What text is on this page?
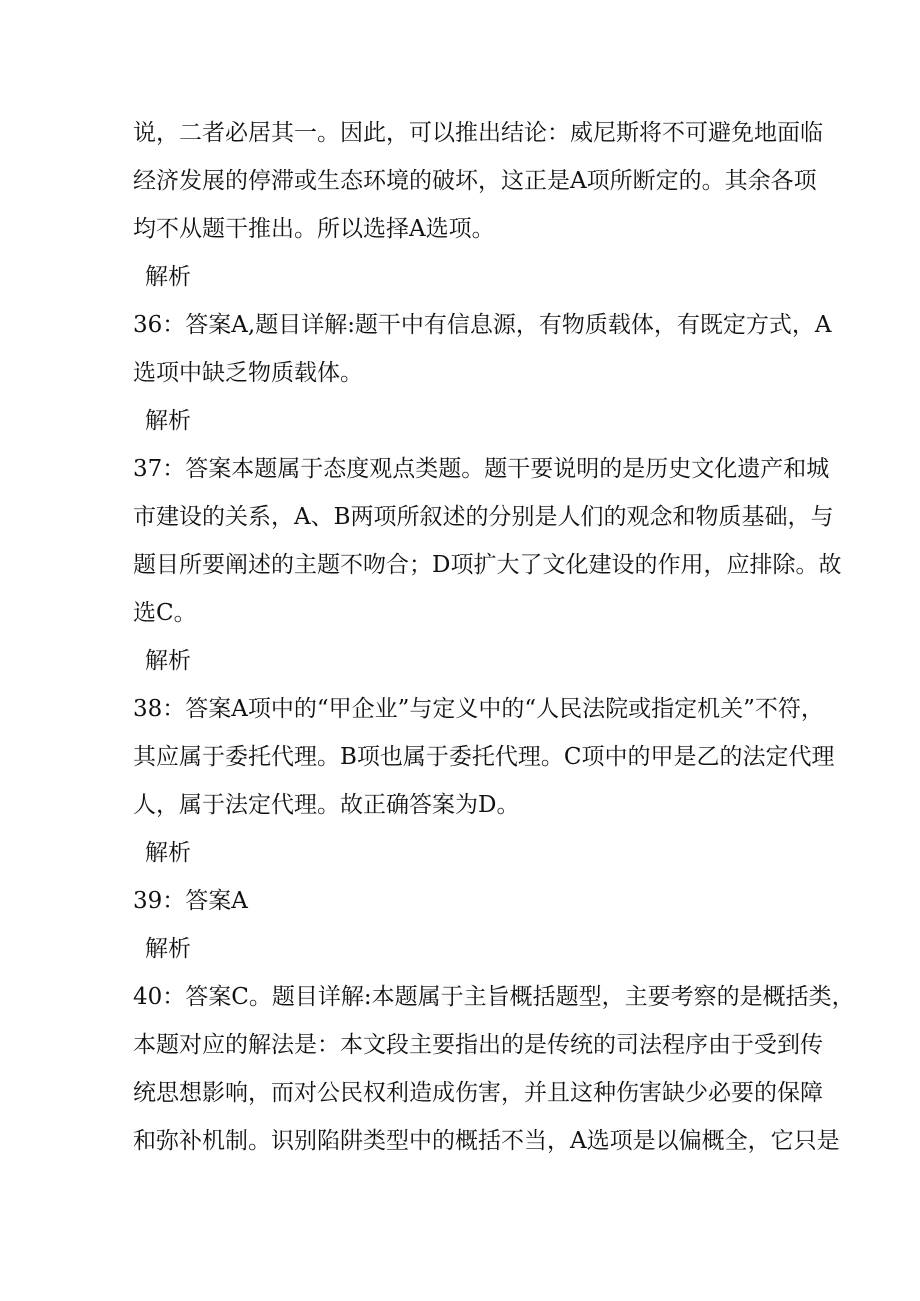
说，二者必居其一。因此，可以推出结论：威尼斯将不可避免地面临
经济发展的停滞或生态环境的破坏，这正是A项所断定的。其余各项
均不从题干推出。所以选择A选项。
解析
36：答案A,题目详解:题干中有信息源，有物质载体，有既定方式，A
选项中缺乏物质载体。
解析
37：答案本题属于态度观点类题。题干要说明的是历史文化遗产和城
市建设的关系，A、B两项所叙述的分别是人们的观念和物质基础，与
题目所要阐述的主题不吻合；D项扩大了文化建设的作用，应排除。故
选C。
解析
38：答案A项中的“甲企业”与定义中的“人民法院或指定机关”不符，
其应属于委托代理。B项也属于委托代理。C项中的甲是乙的法定代理
人，属于法定代理。故正确答案为D。
解析
39：答案A
解析
40：答案C。题目详解:本题属于主旨概括题型，主要考察的是概括类，
本题对应的解法是：本文段主要指出的是传统的司法程序由于受到传
统思想影响，而对公民权利造成伤害，并且这种伤害缺少必要的保障
和弥补机制。识别陷阱类型中的概括不当，A选项是以偏概全，它只是
